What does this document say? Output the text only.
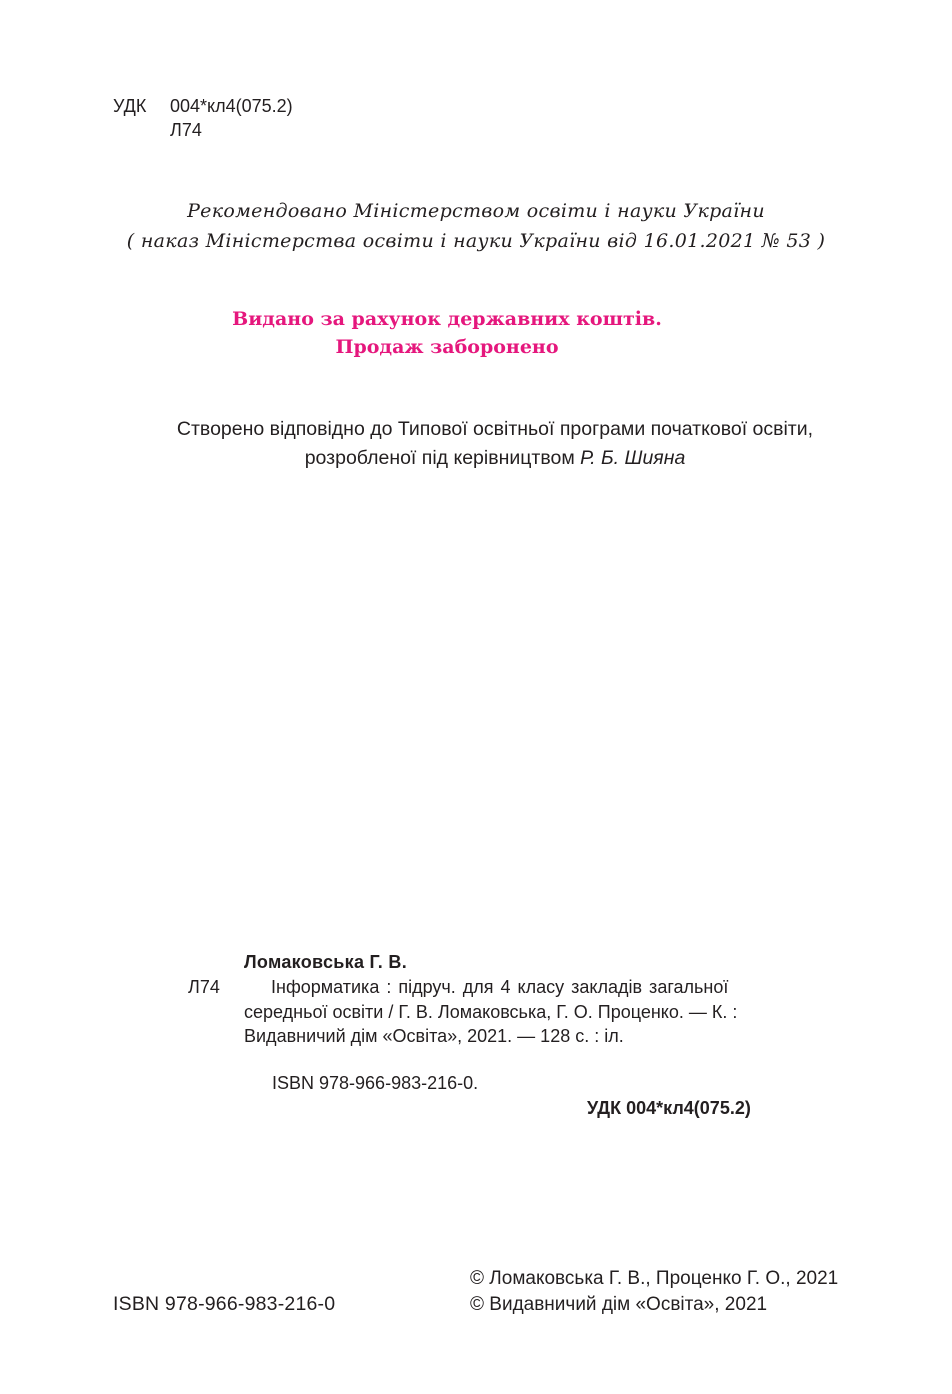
УДК	004*кл4(075.2)
Л74
Рекомендовано Міністерством освіти і науки України
( наказ Міністерства освіти і науки України від 16.01.2021 № 53 )
Видано за рахунок державних коштів.
Продаж заборонено
Створено відповідно до Типової освітньої програми початкової освіти,
розробленої під керівництвом Р. Б. Шияна
Ломаковська Г. В.
Л74	Інформатика : підруч. для 4 класу закладів загальної
середньої освіти / Г. В. Ломаковська, Г. О. Проценко. — К. :
Видавничий дім «Освіта», 2021. — 128 с. : іл.
ISBN 978-966-983-216-0.
УДК 004*кл4(075.2)
ISBN 978-966-983-216-0
© Ломаковська Г. В., Проценко Г. О., 2021
© Видавничий дім «Освіта», 2021
